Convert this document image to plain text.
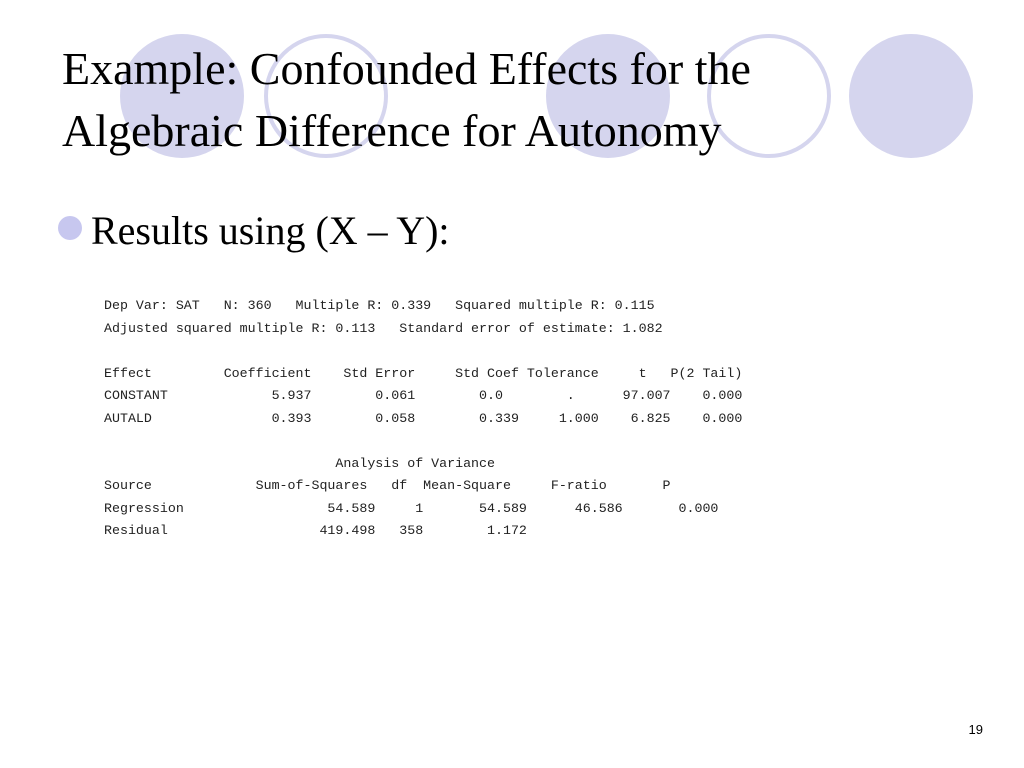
Example: Confounded Effects for the
Algebraic Difference for Autonomy

Results using (X – Y):

Dep Var: SAT   N: 360   Multiple R: 0.339   Squared multiple R: 0.115
Adjusted squared multiple R: 0.113   Standard error of estimate: 1.082
Effect         Coefficient    Std Error     Std Coef Tolerance     t   P(2 Tail)
CONSTANT             5.937        0.061        0.0        .      97.007    0.000
AUTALD               0.393        0.058        0.339     1.000    6.825    0.000
Analysis of Variance
Source             Sum-of-Squares   df  Mean-Square     F-ratio       P
Regression                  54.589     1       54.589      46.586       0.000
Residual                   419.498   358        1.172
19
